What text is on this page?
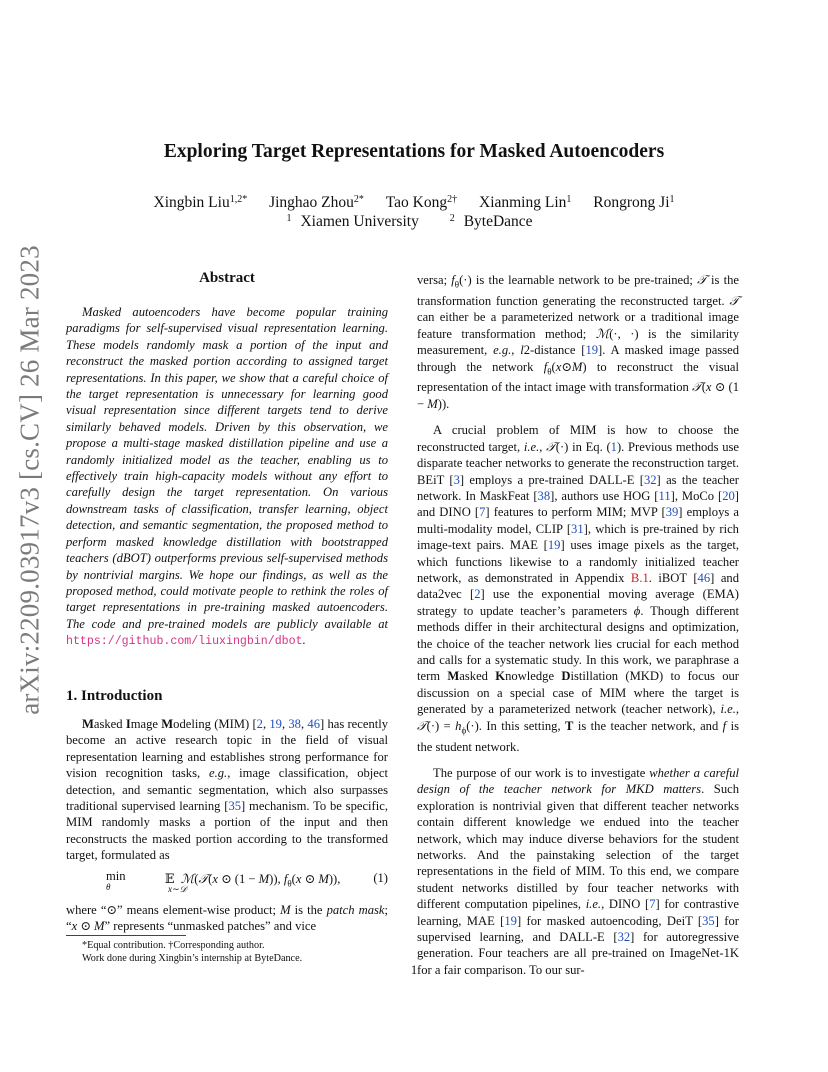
arXiv:2209.03917v3 [cs.CV] 26 Mar 2023
Exploring Target Representations for Masked Autoencoders
Xingbin Liu$^{1,2*}$ Jinghao Zhou$^{2*}$ Tao Kong$^{2\dagger}$ Xianming Lin$^1$ Rongrong Ji$^1$
$^1$ Xiamen University	$^2$ ByteDance
Abstract

Masked autoencoders have become popular training paradigms for self-supervised visual representation learning. These models randomly mask a portion of the input and reconstruct the masked portion according to assigned target representations. In this paper, we show that a careful choice of the target representation is unnecessary for learning good visual representation since different targets tend to derive similarly behaved models. Driven by this observation, we propose a multi-stage masked distillation pipeline and use a randomly initialized model as the teacher, enabling us to effectively train high-capacity models without any effort to carefully design the target representation. On various downstream tasks of classification, transfer learning, object detection, and semantic segmentation, the proposed method to perform masked knowledge distillation with bootstrapped teachers (dBOT) outperforms previous self-supervised methods by nontrivial margins. We hope our findings, as well as the proposed method, could motivate people to rethink the roles of target representations in pre-training masked autoencoders. The code and pre-trained models are publicly available at https://github.com/liuxingbin/dbot.

1. Introduction

Masked Image Modeling (MIM) [2, 19, 38, 46] has recently become an active research topic in the field of visual representation learning and establishes strong performance for vision recognition tasks, e.g., image classification, object detection, and semantic segmentation, which also surpasses traditional supervised learning [35] mechanism. To be specific, MIM randomly masks a portion of the input and then reconstructs the masked portion according to the transformed target, formulated as

min
θ
𝔼  ℳ(𝒯(x ⊙ (1 − M)), $f_\theta(x$ ⊙ M)),
x∼𝒟
(1)

where “⊙” means element-wise product; M is the patch mask; “x ⊙ M” represents “unmasked patches” and vice

*Equal contribution. †Corresponding author.
Work done during Xingbin’s internship at ByteDance.

versa; $f_\theta(\cdot)$ is the learnable network to be pre-trained; 𝒯 is the transformation function generating the reconstructed target. 𝒯 can either be a parameterized network or a traditional image feature transformation method; ℳ(·, ·) is the similarity measurement, e.g., l2-distance [19]. A masked image passed through the network $f_\theta(x⊙M)$ to reconstruct the visual representation of the intact image with transformation 𝒯(x ⊙ (1 − M)).

A crucial problem of MIM is how to choose the reconstructed target, i.e., 𝒯(·) in Eq. (1). Previous methods use disparate teacher networks to generate the reconstruction target. BEiT [3] employs a pre-trained DALL-E [32] as the teacher network. In MaskFeat [38], authors use HOG [11], MoCo [20] and DINO [7] features to perform MIM; MVP [39] employs a multi-modality model, CLIP [31], which is pre-trained by rich image-text pairs. MAE [19] uses image pixels as the target, which functions likewise to a randomly initialized teacher network, as demonstrated in Appendix B.1. iBOT [46] and data2vec [2] use the exponential moving average (EMA) strategy to update teacher’s parameters ϕ. Though different methods differ in their architectural designs and optimization, the choice of the teacher network lies crucial for each method and calls for a systematic study. In this work, we paraphrase a term Masked Knowledge Distillation (MKD) to focus our discussion on a special case of MIM where the target is generated by a parameterized network (teacher network), i.e., 𝒯(·) = $h_\phi(\cdot)$. In this setting, T is the teacher network, and f is the student network.

The purpose of our work is to investigate whether a careful design of the teacher network for MKD matters. Such exploration is nontrivial given that different teacher networks contain different knowledge we endued into the teacher network, which may induce diverse behaviors for the student networks. And the painstaking selection of the target representations in the field of MIM. To this end, we compare student networks distilled by four teacher networks with different computation pipelines, i.e., DINO [7] for contrastive learning, MAE [19] for masked autoencoding, DeiT [35] for supervised learning, and DALL-E [32] for autoregressive generation. Four teachers are all pre-trained on ImageNet-1K for a fair comparison. To our sur-

1
